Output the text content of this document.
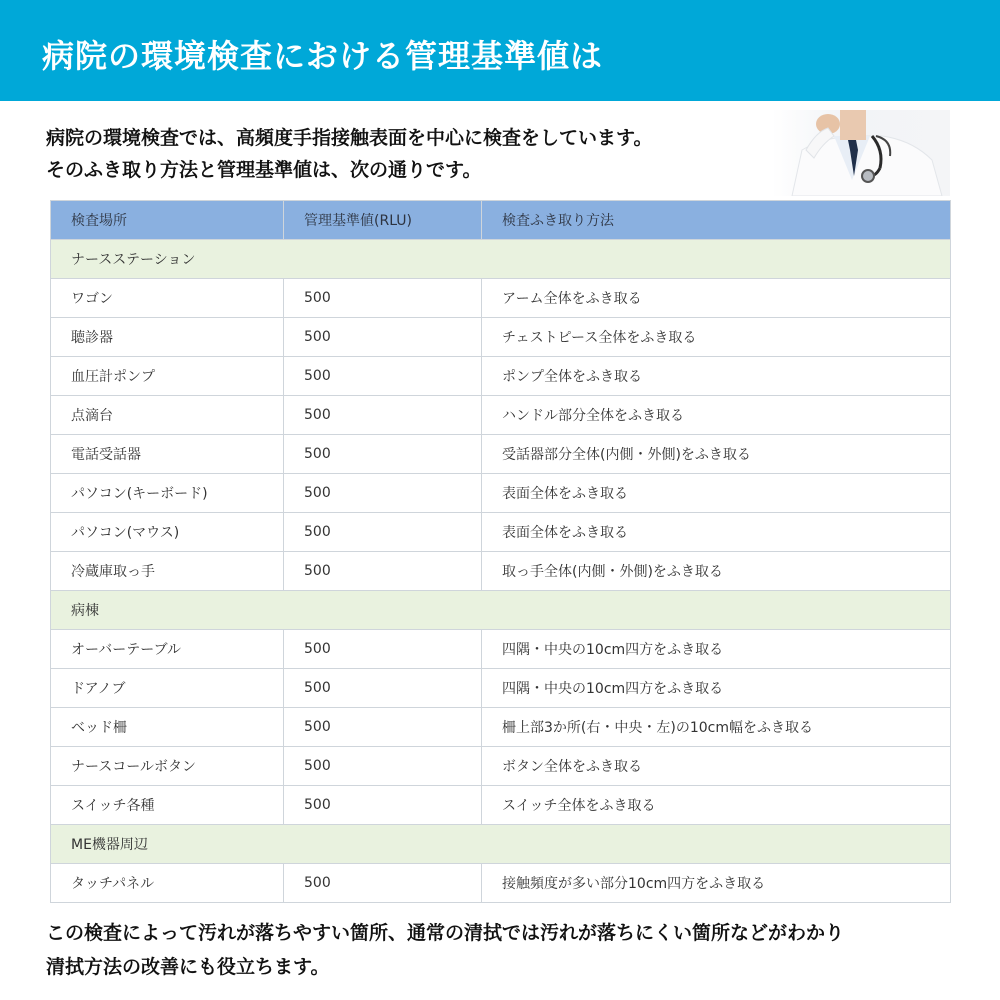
病院の環境検査における管理基準値は
病院の環境検査では、高頻度手指接触表面を中心に検査をしています。
そのふき取り方法と管理基準値は、次の通りです。
検査場所	管理基準値(RLU)	検査ふき取り方法
ナースステーション		
ワゴン	500	アーム全体をふき取る
聴診器	500	チェストピース全体をふき取る
血圧計ポンプ	500	ポンプ全体をふき取る
点滴台	500	ハンドル部分全体をふき取る
電話受話器	500	受話器部分全体(内側・外側)をふき取る
パソコン(キーボード)	500	表面全体をふき取る
パソコン(マウス)	500	表面全体をふき取る
冷蔵庫取っ手	500	取っ手全体(内側・外側)をふき取る
病棟		
オーバーテーブル	500	四隅・中央の10cm四方をふき取る
ドアノブ	500	四隅・中央の10cm四方をふき取る
ベッド柵	500	柵上部3か所(右・中央・左)の10cm幅をふき取る
ナースコールボタン	500	ボタン全体をふき取る
スイッチ各種	500	スイッチ全体をふき取る
ME機器周辺		
タッチパネル	500	接触頻度が多い部分10cm四方をふき取る
この検査によって汚れが落ちやすい箇所、通常の清拭では汚れが落ちにくい箇所などがわかり
清拭方法の改善にも役立ちます。
